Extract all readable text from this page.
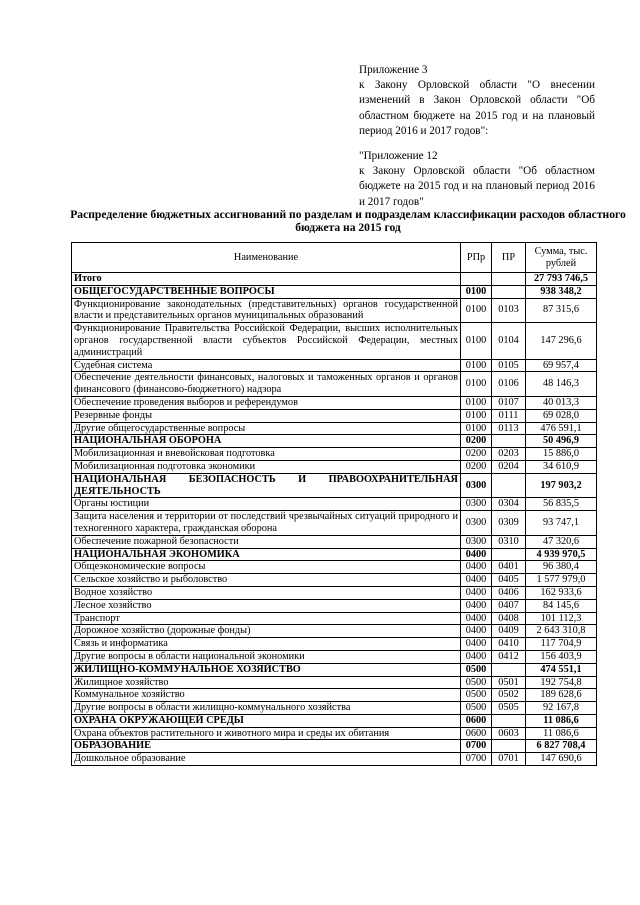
Приложение 3
к Закону Орловской области "О внесении изменений в Закон Орловской области "Об областном бюджете на 2015 год и на плановый период 2016 и 2017 годов":
"Приложение 12
к Закону Орловской области "Об областном бюджете на 2015 год и на плановый период 2016 и 2017 годов"
Распределение бюджетных ассигнований по разделам и подразделам классификации расходов областного бюджета на 2015 год
Наименование	РПр	ПР	Сумма, тыс. рублей
Итого			27 793 746,5
ОБЩЕГОСУДАРСТВЕННЫЕ ВОПРОСЫ	0100		938 348,2
Функционирование законодательных (представительных) органов государственной власти и представительных органов муниципальных образований	0100	0103	87 315,6
Функционирование Правительства Российской Федерации, высших исполнительных органов государственной власти субъектов Российской Федерации, местных администраций	0100	0104	147 296,6
Судебная система	0100	0105	69 957,4
Обеспечение деятельности финансовых, налоговых и таможенных органов и органов финансового (финансово-бюджетного) надзора	0100	0106	48 146,3
Обеспечение проведения выборов и референдумов	0100	0107	40 013,3
Резервные фонды	0100	0111	69 028,0
Другие общегосударственные вопросы	0100	0113	476 591,1
НАЦИОНАЛЬНАЯ ОБОРОНА	0200		50 496,9
Мобилизационная и вневойсковая подготовка	0200	0203	15 886,0
Мобилизационная подготовка экономики	0200	0204	34 610,9
НАЦИОНАЛЬНАЯ БЕЗОПАСНОСТЬ И ПРАВООХРАНИТЕЛЬНАЯ ДЕЯТЕЛЬНОСТЬ	0300		197 903,2
Органы юстиции	0300	0304	56 835,5
Защита населения и территории от последствий чрезвычайных ситуаций природного и техногенного характера, гражданская оборона	0300	0309	93 747,1
Обеспечение пожарной безопасности	0300	0310	47 320,6
НАЦИОНАЛЬНАЯ ЭКОНОМИКА	0400		4 939 970,5
Общеэкономические вопросы	0400	0401	96 380,4
Сельское хозяйство и рыболовство	0400	0405	1 577 979,0
Водное хозяйство	0400	0406	162 933,6
Лесное хозяйство	0400	0407	84 145,6
Транспорт	0400	0408	101 112,3
Дорожное хозяйство (дорожные фонды)	0400	0409	2 643 310,8
Связь и информатика	0400	0410	117 704,9
Другие вопросы в области национальной экономики	0400	0412	156 403,9
ЖИЛИЩНО-КОММУНАЛЬНОЕ ХОЗЯЙСТВО	0500		474 551,1
Жилищное хозяйство	0500	0501	192 754,8
Коммунальное хозяйство	0500	0502	189 628,6
Другие вопросы в области жилищно-коммунального хозяйства	0500	0505	92 167,8
ОХРАНА ОКРУЖАЮЩЕЙ СРЕДЫ	0600		11 086,6
Охрана объектов растительного и животного мира и среды их обитания	0600	0603	11 086,6
ОБРАЗОВАНИЕ	0700		6 827 708,4
Дошкольное образование	0700	0701	147 690,6
